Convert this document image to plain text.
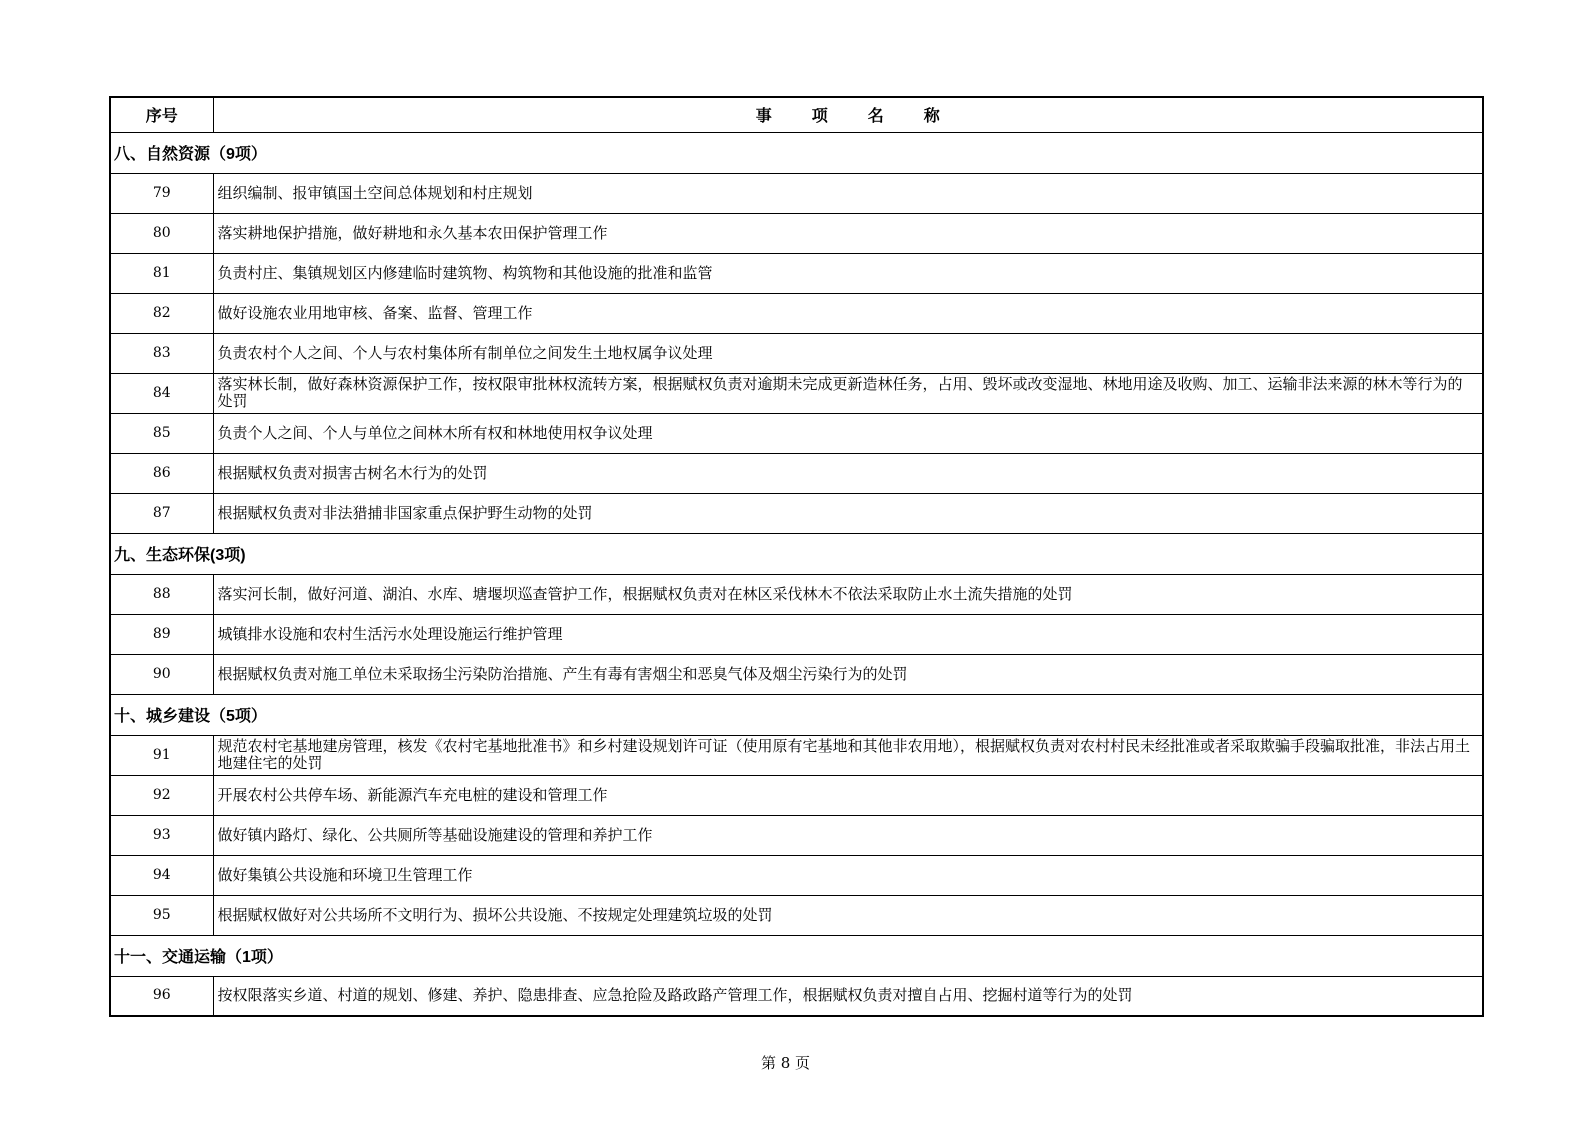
序号	事项名称
八、自然资源（9项）	
79	组织编制、报审镇国土空间总体规划和村庄规划
80	落实耕地保护措施，做好耕地和永久基本农田保护管理工作
81	负责村庄、集镇规划区内修建临时建筑物、构筑物和其他设施的批准和监管
82	做好设施农业用地审核、备案、监督、管理工作
83	负责农村个人之间、个人与农村集体所有制单位之间发生土地权属争议处理
84	落实林长制，做好森林资源保护工作，按权限审批林权流转方案，根据赋权负责对逾期未完成更新造林任务，占用、毁坏或改变湿地、林地用途及收购、加工、运输非法来源的林木等行为的处罚
85	负责个人之间、个人与单位之间林木所有权和林地使用权争议处理
86	根据赋权负责对损害古树名木行为的处罚
87	根据赋权负责对非法猎捕非国家重点保护野生动物的处罚
九、生态环保(3项)	
88	落实河长制，做好河道、湖泊、水库、塘堰坝巡查管护工作，根据赋权负责对在林区采伐林木不依法采取防止水土流失措施的处罚
89	城镇排水设施和农村生活污水处理设施运行维护管理
90	根据赋权负责对施工单位未采取扬尘污染防治措施、产生有毒有害烟尘和恶臭气体及烟尘污染行为的处罚
十、城乡建设（5项）	
91	规范农村宅基地建房管理，核发《农村宅基地批准书》和乡村建设规划许可证（使用原有宅基地和其他非农用地），根据赋权负责对农村村民未经批准或者采取欺骗手段骗取批准，非法占用土地建住宅的处罚
92	开展农村公共停车场、新能源汽车充电桩的建设和管理工作
93	做好镇内路灯、绿化、公共厕所等基础设施建设的管理和养护工作
94	做好集镇公共设施和环境卫生管理工作
95	根据赋权做好对公共场所不文明行为、损坏公共设施、不按规定处理建筑垃圾的处罚
十一、交通运输（1项）	
96	按权限落实乡道、村道的规划、修建、养护、隐患排查、应急抢险及路政路产管理工作，根据赋权负责对擅自占用、挖掘村道等行为的处罚
第 8 页
